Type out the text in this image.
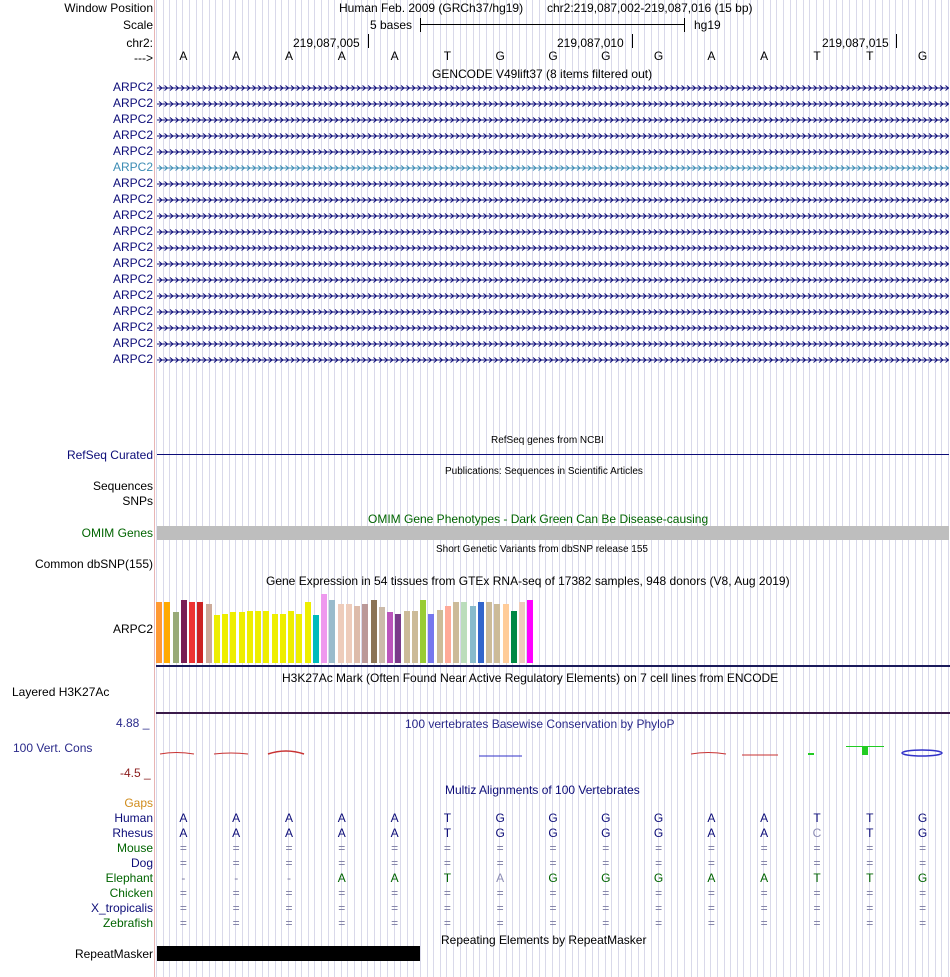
Window Position
Scale
chr2:
--->
Human Feb. 2009 (GRCh37/hg19) chr2:219,087,002-219,087,016 (15 bp)
5 bases	hg19
219,087,005	219,087,010	219,087,015
A	A	A	A	A	T	G	G	G	G	A	A	T	T	G
GENCODE V49lift37 (8 items filtered out)
ARPC2
ARPC2
ARPC2
ARPC2
ARPC2
ARPC2
ARPC2
ARPC2
ARPC2
ARPC2
ARPC2
ARPC2
ARPC2
ARPC2
ARPC2
ARPC2
ARPC2
ARPC2
RefSeq genes from NCBI
RefSeq Curated
Publications: Sequences in Scientific Articles
Sequences
SNPs
OMIM Gene Phenotypes - Dark Green Can Be Disease-causing
OMIM Genes
Short Genetic Variants from dbSNP release 155
Common dbSNP(155)
Gene Expression in 54 tissues from GTEx RNA-seq of 17382 samples, 948 donors (V8, Aug 2019)
ARPC2
H3K27Ac Mark (Often Found Near Active Regulatory Elements) on 7 cell lines from ENCODE
Layered H3K27Ac
100 vertebrates Basewise Conservation by PhyloP
4.88 _
100 Vert. Cons
-4.5 _
Multiz Alignments of 100 Vertebrates
Gaps
Human	A	A	A	A	A	T	G	G	G	G	A	A	T	T	G
Rhesus	A	A	A	A	A	T	G	G	G	G	A	A	C	T	G
Mouse	=	=	=	=	=	=	=	=	=	=	=	=	=	=	=
Dog	=	=	=	=	=	=	=	=	=	=	=	=	=	=	=
Elephant	-	-	-	A	A	T	A	G	G	G	A	A	T	T	G
Chicken	=	=	=	=	=	=	=	=	=	=	=	=	=	=	=
X_tropicalis	=	=	=	=	=	=	=	=	=	=	=	=	=	=	=
Zebrafish	=	=	=	=	=	=	=	=	=	=	=	=	=	=	=
Repeating Elements by RepeatMasker
RepeatMasker
